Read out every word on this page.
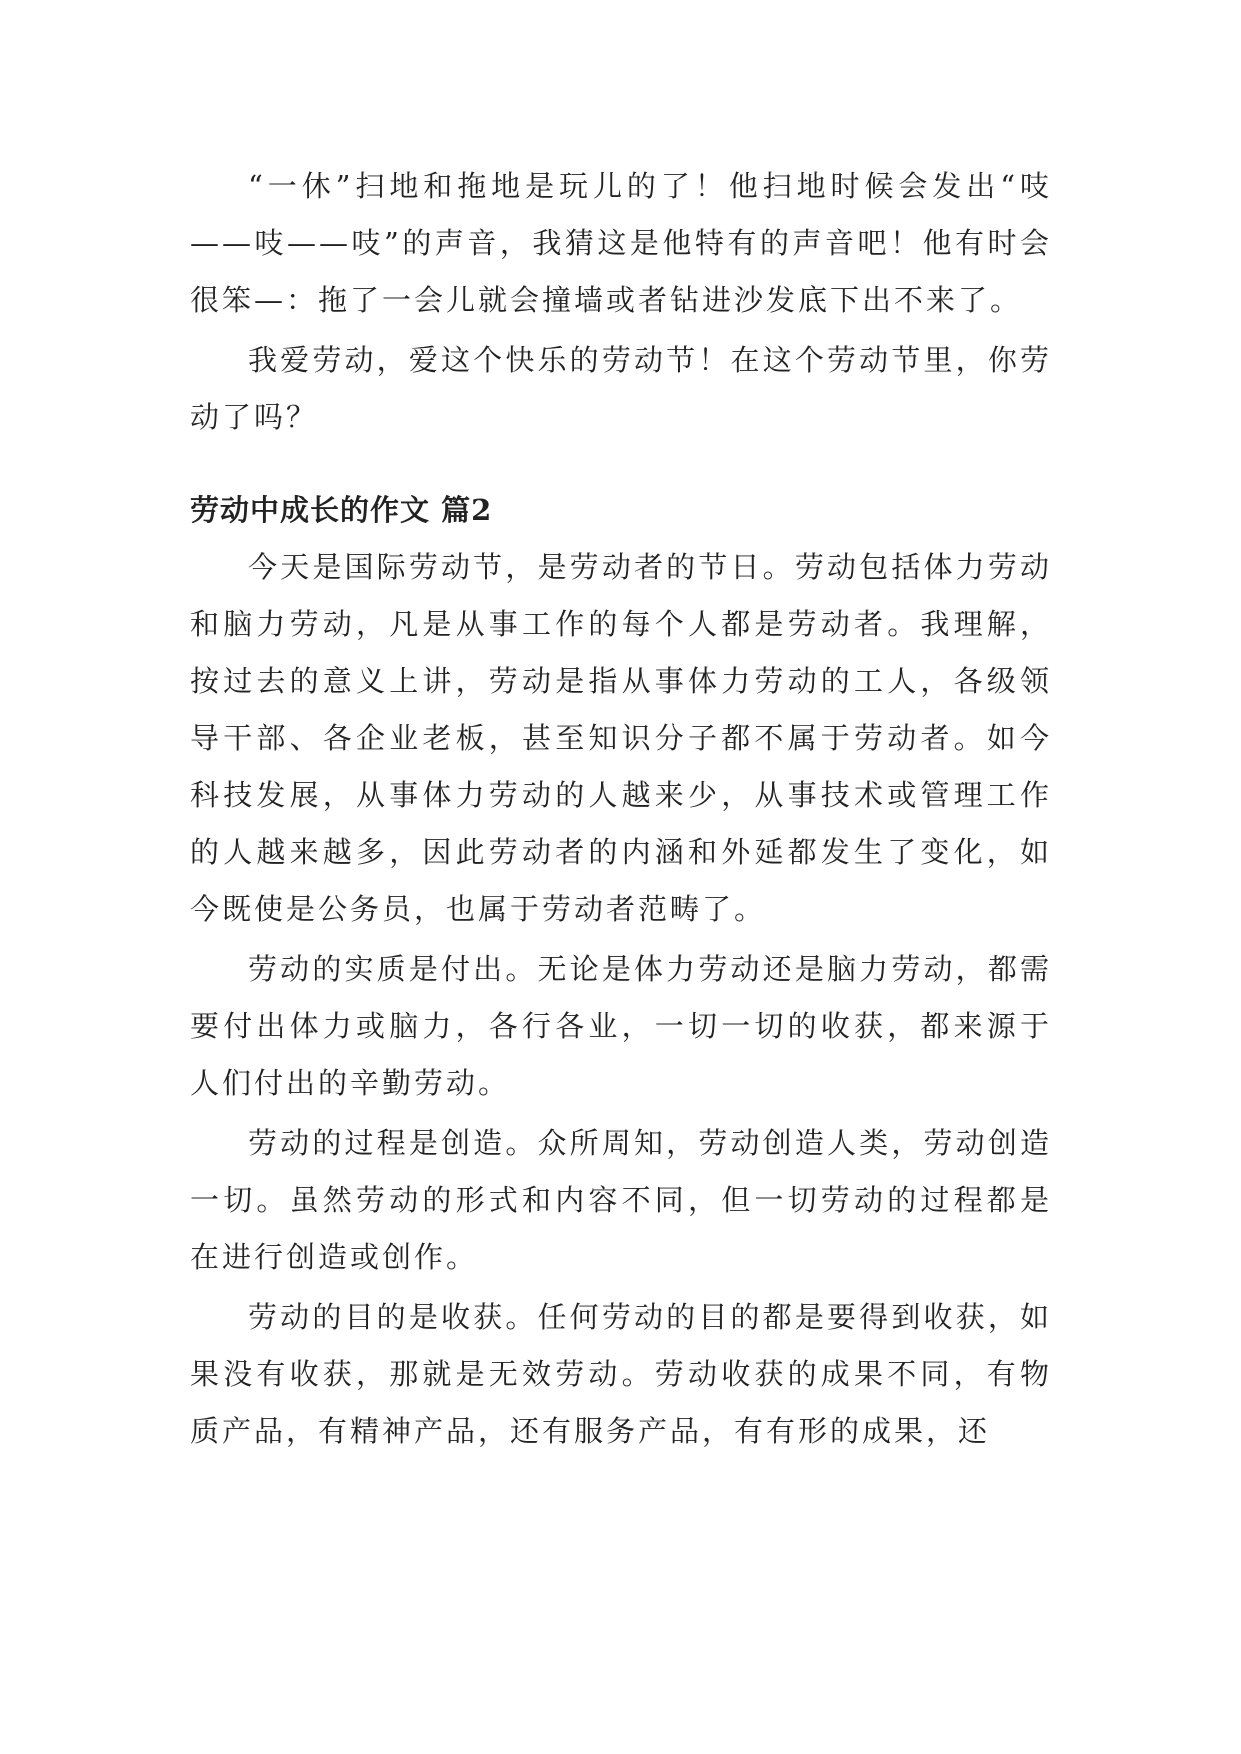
“一休”扫地和拖地是玩儿的了！他扫地时候会发出“吱——吱——吱”的声音，我猜这是他特有的声音吧！他有时会很笨—：拖了一会儿就会撞墙或者钻进沙发底下出不来了。

我爱劳动，爱这个快乐的劳动节！在这个劳动节里，你劳动了吗？

劳动中成长的作文 篇2

今天是国际劳动节，是劳动者的节日。劳动包括体力劳动和脑力劳动，凡是从事工作的每个人都是劳动者。我理解，按过去的意义上讲，劳动是指从事体力劳动的工人，各级领导干部、各企业老板，甚至知识分子都不属于劳动者。如今科技发展，从事体力劳动的人越来少，从事技术或管理工作的人越来越多，因此劳动者的内涵和外延都发生了变化，如今既使是公务员，也属于劳动者范畴了。

劳动的实质是付出。无论是体力劳动还是脑力劳动，都需要付出体力或脑力，各行各业，一切一切的收获，都来源于人们付出的辛勤劳动。

劳动的过程是创造。众所周知，劳动创造人类，劳动创造一切。虽然劳动的形式和内容不同，但一切劳动的过程都是在进行创造或创作。

劳动的目的是收获。任何劳动的目的都是要得到收获，如果没有收获，那就是无效劳动。劳动收获的成果不同，有物质产品，有精神产品，还有服务产品，有有形的成果，还
